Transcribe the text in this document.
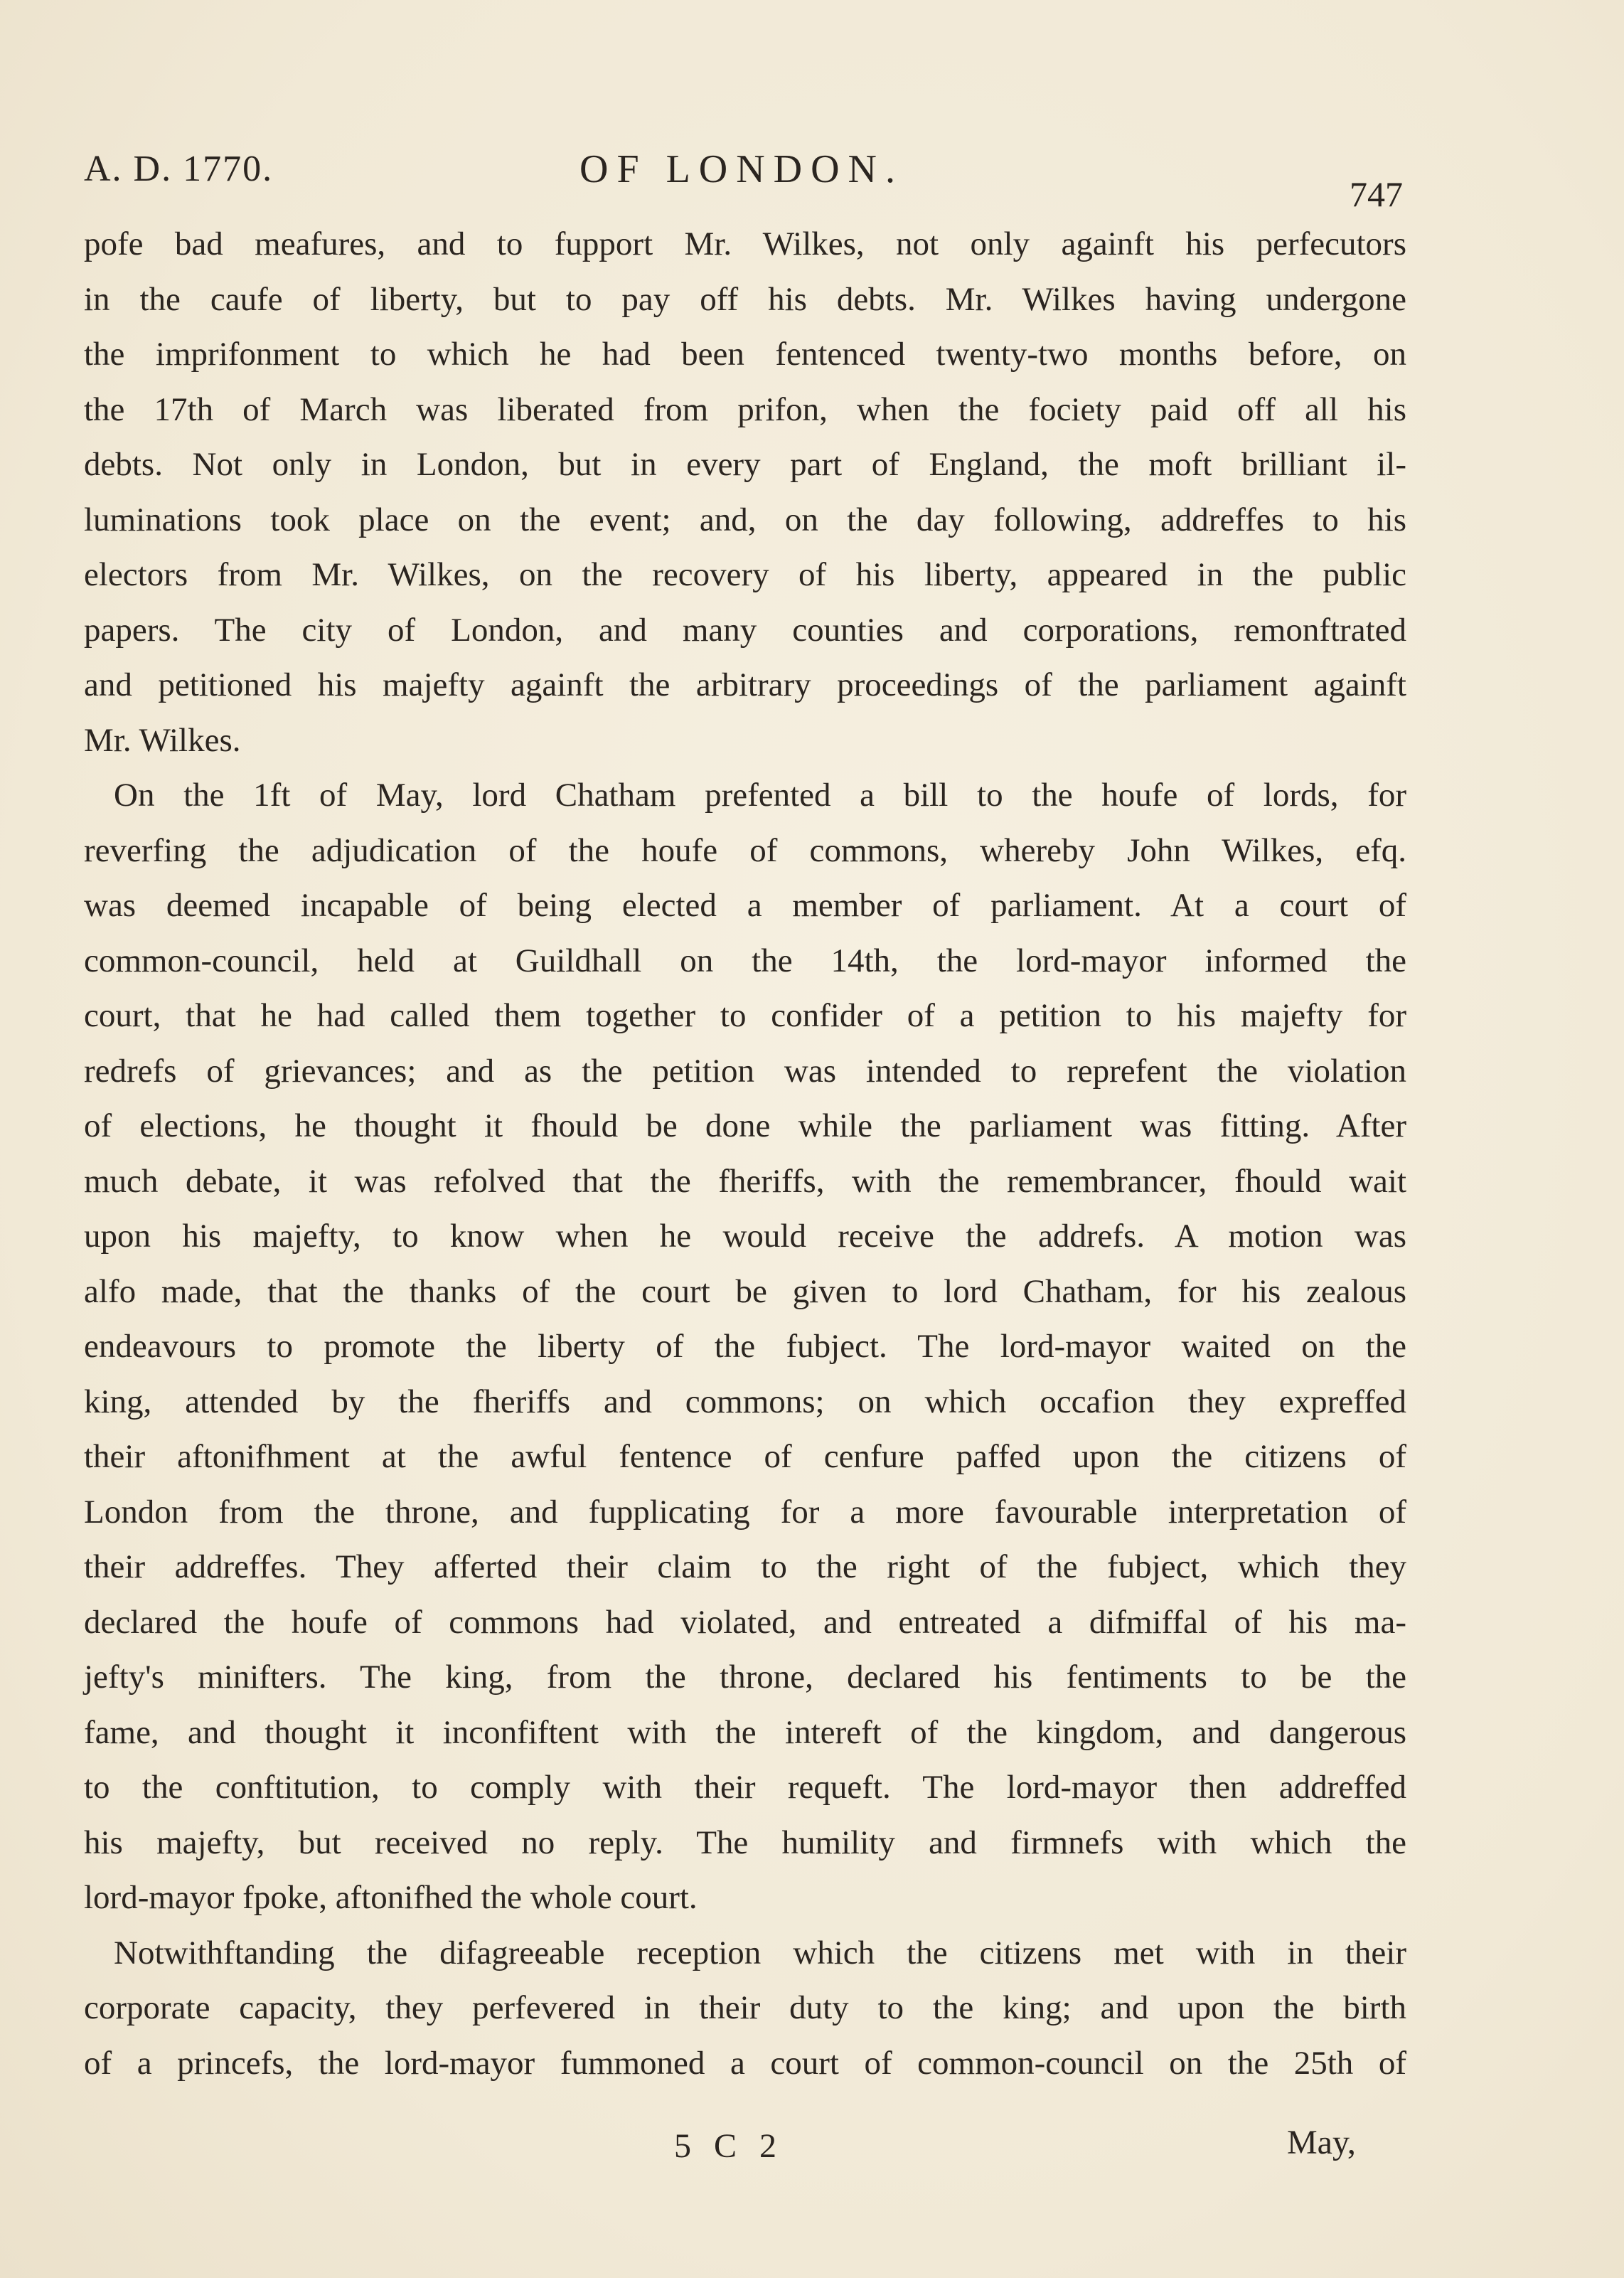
A. D. 1770.	OF LONDON.
747
pofe bad meafures, and to fupport Mr. Wilkes, not only againft his perfecutors
in the caufe of liberty, but to pay off his debts. Mr. Wilkes having undergone
the imprifonment to which he had been fentenced twenty-two months before, on
the 17th of March was liberated from prifon, when the fociety paid off all his
debts. Not only in London, but in every part of England, the moft brilliant il-
luminations took place on the event; and, on the day following, addreffes to his
electors from Mr. Wilkes, on the recovery of his liberty, appeared in the public
papers. The city of London, and many counties and corporations, remonftrated
and petitioned his majefty againft the arbitrary proceedings of the parliament againft
Mr. Wilkes.
On the 1ft of May, lord Chatham prefented a bill to the houfe of lords, for
reverfing the adjudication of the houfe of commons, whereby John Wilkes, efq.
was deemed incapable of being elected a member of parliament. At a court of
common-council, held at Guildhall on the 14th, the lord-mayor informed the
court, that he had called them together to confider of a petition to his majefty for
redrefs of grievances; and as the petition was intended to reprefent the violation
of elections, he thought it fhould be done while the parliament was fitting. After
much debate, it was refolved that the fheriffs, with the remembrancer, fhould wait
upon his majefty, to know when he would receive the addrefs. A motion was
alfo made, that the thanks of the court be given to lord Chatham, for his zealous
endeavours to promote the liberty of the fubject. The lord-mayor waited on the
king, attended by the fheriffs and commons; on which occafion they expreffed
their aftonifhment at the awful fentence of cenfure paffed upon the citizens of
London from the throne, and fupplicating for a more favourable interpretation of
their addreffes. They afferted their claim to the right of the fubject, which they
declared the houfe of commons had violated, and entreated a difmiffal of his ma-
jefty's minifters. The king, from the throne, declared his fentiments to be the
fame, and thought it inconfiftent with the intereft of the kingdom, and dangerous
to the conftitution, to comply with their requeft. The lord-mayor then addreffed
his majefty, but received no reply. The humility and firmnefs with which the
lord-mayor fpoke, aftonifhed the whole court.
Notwithftanding the difagreeable reception which the citizens met with in their
corporate capacity, they perfevered in their duty to the king; and upon the birth
of a princefs, the lord-mayor fummoned a court of common-council on the 25th of
5 C 2	May,
